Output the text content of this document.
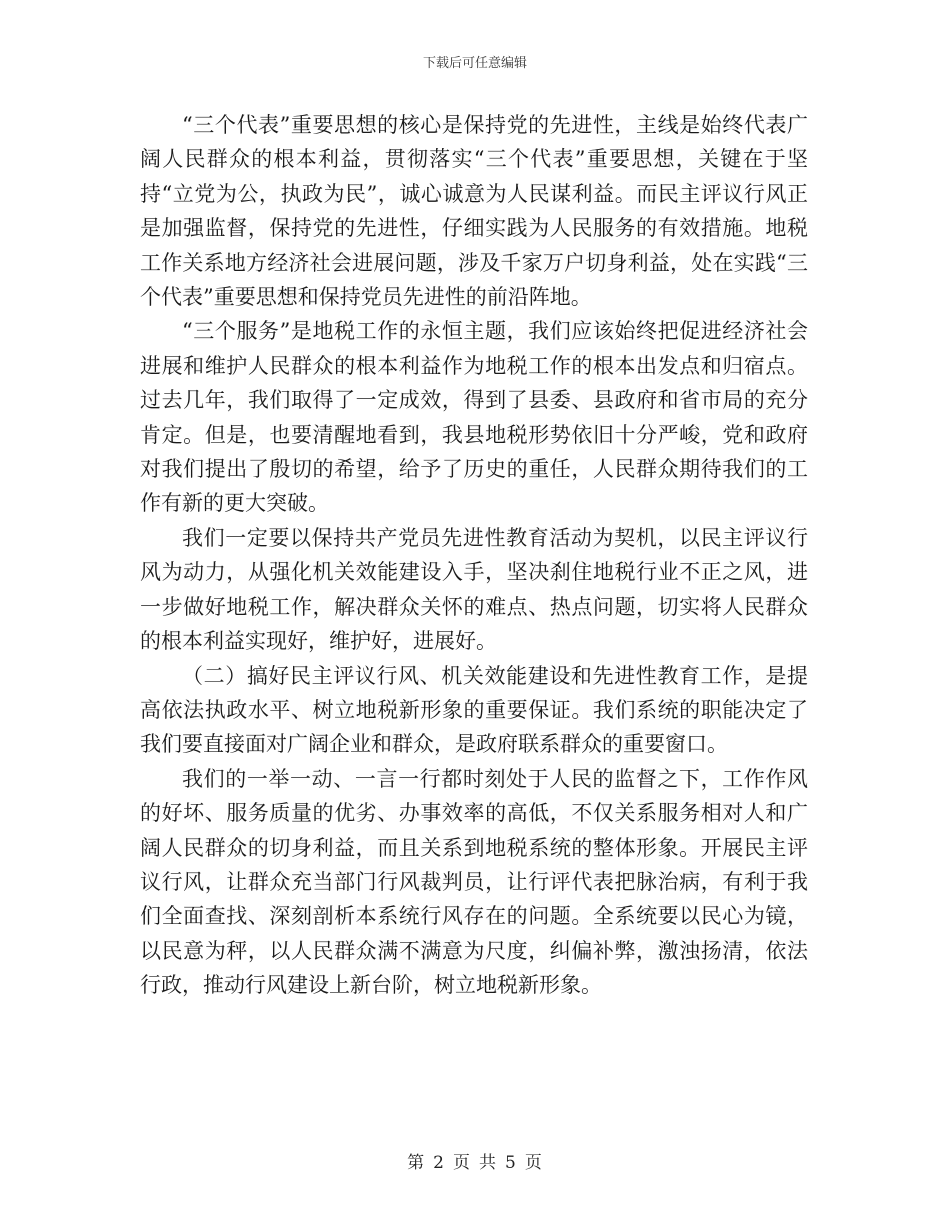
下载后可任意编辑

“三个代表”重要思想的核心是保持党的先进性，主线是始终代表广阔人民群众的根本利益，贯彻落实“三个代表”重要思想，关键在于坚持“立党为公，执政为民”，诚心诚意为人民谋利益。而民主评议行风正是加强监督，保持党的先进性，仔细实践为人民服务的有效措施。地税工作关系地方经济社会进展问题，涉及千家万户切身利益，处在实践“三个代表”重要思想和保持党员先进性的前沿阵地。

“三个服务”是地税工作的永恒主题，我们应该始终把促进经济社会进展和维护人民群众的根本利益作为地税工作的根本出发点和归宿点。过去几年，我们取得了一定成效，得到了县委、县政府和省市局的充分肯定。但是，也要清醒地看到，我县地税形势依旧十分严峻，党和政府对我们提出了殷切的希望，给予了历史的重任，人民群众期待我们的工作有新的更大突破。

我们一定要以保持共产党员先进性教育活动为契机，以民主评议行风为动力，从强化机关效能建设入手，坚决刹住地税行业不正之风，进一步做好地税工作，解决群众关怀的难点、热点问题，切实将人民群众的根本利益实现好，维护好，进展好。

（二）搞好民主评议行风、机关效能建设和先进性教育工作，是提高依法执政水平、树立地税新形象的重要保证。我们系统的职能决定了我们要直接面对广阔企业和群众，是政府联系群众的重要窗口。

我们的一举一动、一言一行都时刻处于人民的监督之下，工作作风的好坏、服务质量的优劣、办事效率的高低，不仅关系服务相对人和广阔人民群众的切身利益，而且关系到地税系统的整体形象。开展民主评议行风，让群众充当部门行风裁判员，让行评代表把脉治病，有利于我们全面查找、深刻剖析本系统行风存在的问题。全系统要以民心为镜，以民意为秤，以人民群众满不满意为尺度，纠偏补弊，激浊扬清，依法行政，推动行风建设上新台阶，树立地税新形象。

第 2 页 共 5 页
